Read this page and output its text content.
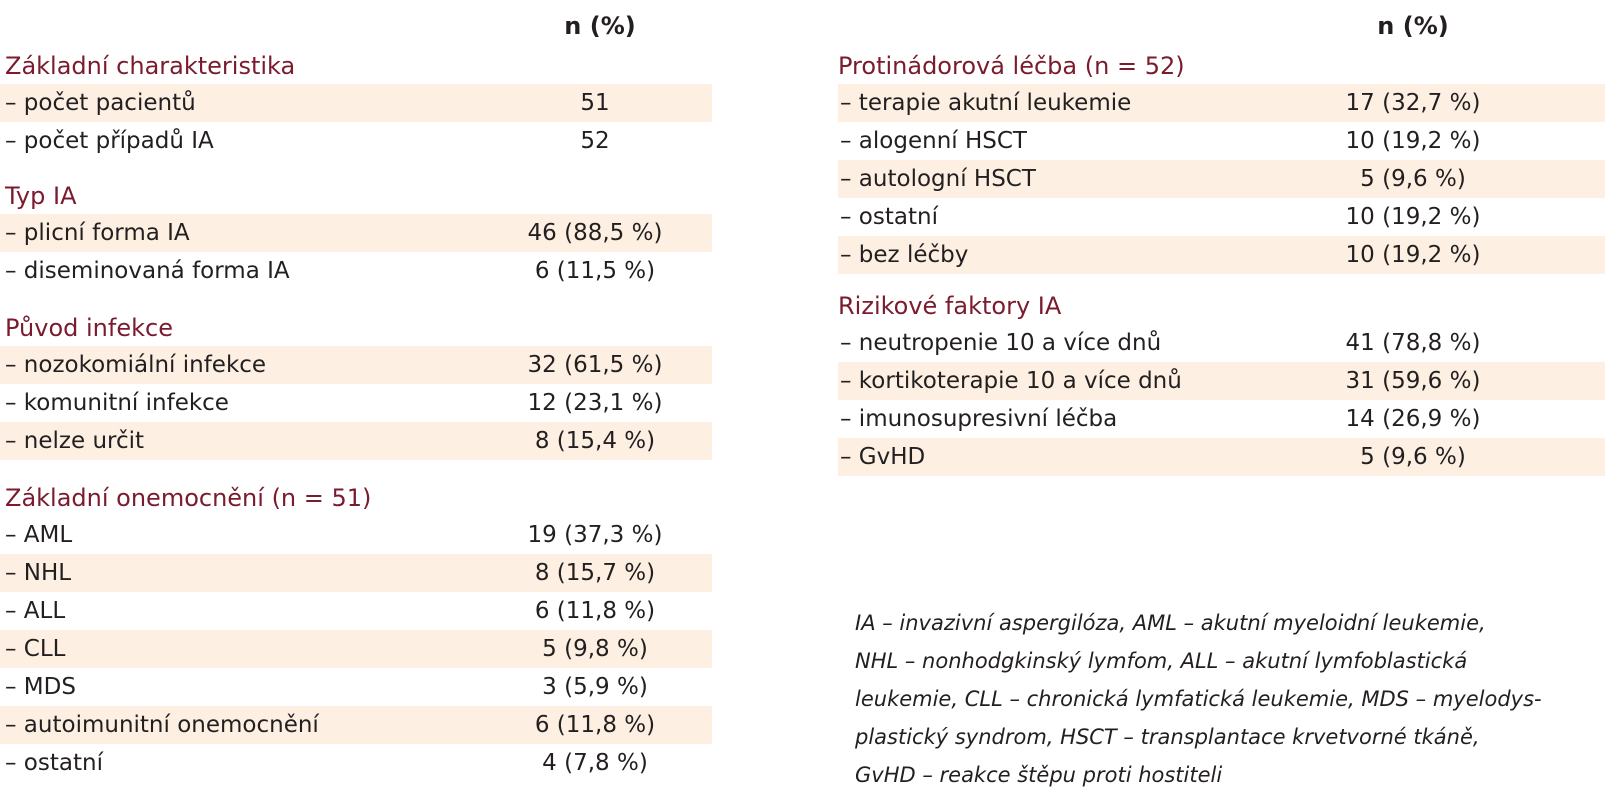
n (%)
Základní charakteristika
– počet pacientů	51
– počet případů IA	52
Typ IA
– plicní forma IA	46 (88,5 %)
– diseminovaná forma IA	6 (11,5 %)
Původ infekce
– nozokomiální infekce	32 (61,5 %)
– komunitní infekce	12 (23,1 %)
– nelze určit	8 (15,4 %)
Základní onemocnění (n = 51)
– AML	19 (37,3 %)
– NHL	8 (15,7 %)
– ALL	6 (11,8 %)
– CLL	5 (9,8 %)
– MDS	3 (5,9 %)
– autoimunitní onemocnění	6 (11,8 %)
– ostatní	4 (7,8 %)
n (%)
Protinádorová léčba (n = 52)
– terapie akutní leukemie	17 (32,7 %)
– alogenní HSCT	10 (19,2 %)
– autologní HSCT	5 (9,6 %)
– ostatní	10 (19,2 %)
– bez léčby	10 (19,2 %)
Rizikové faktory IA
– neutropenie 10 a více dnů	41 (78,8 %)
– kortikoterapie 10 a více dnů	31 (59,6 %)
– imunosupresivní léčba	14 (26,9 %)
– GvHD	5 (9,6 %)

IA – invazivní aspergilóza, AML – akutní myeloidní leukemie,

NHL – nonhodgkinský lymfom, ALL – akutní lymfoblastická

leukemie, CLL – chronická lymfatická leukemie, MDS – myelodys-

plastický syndrom, HSCT – transplantace krvetvorné tkáně,

GvHD – reakce štěpu proti hostiteli
